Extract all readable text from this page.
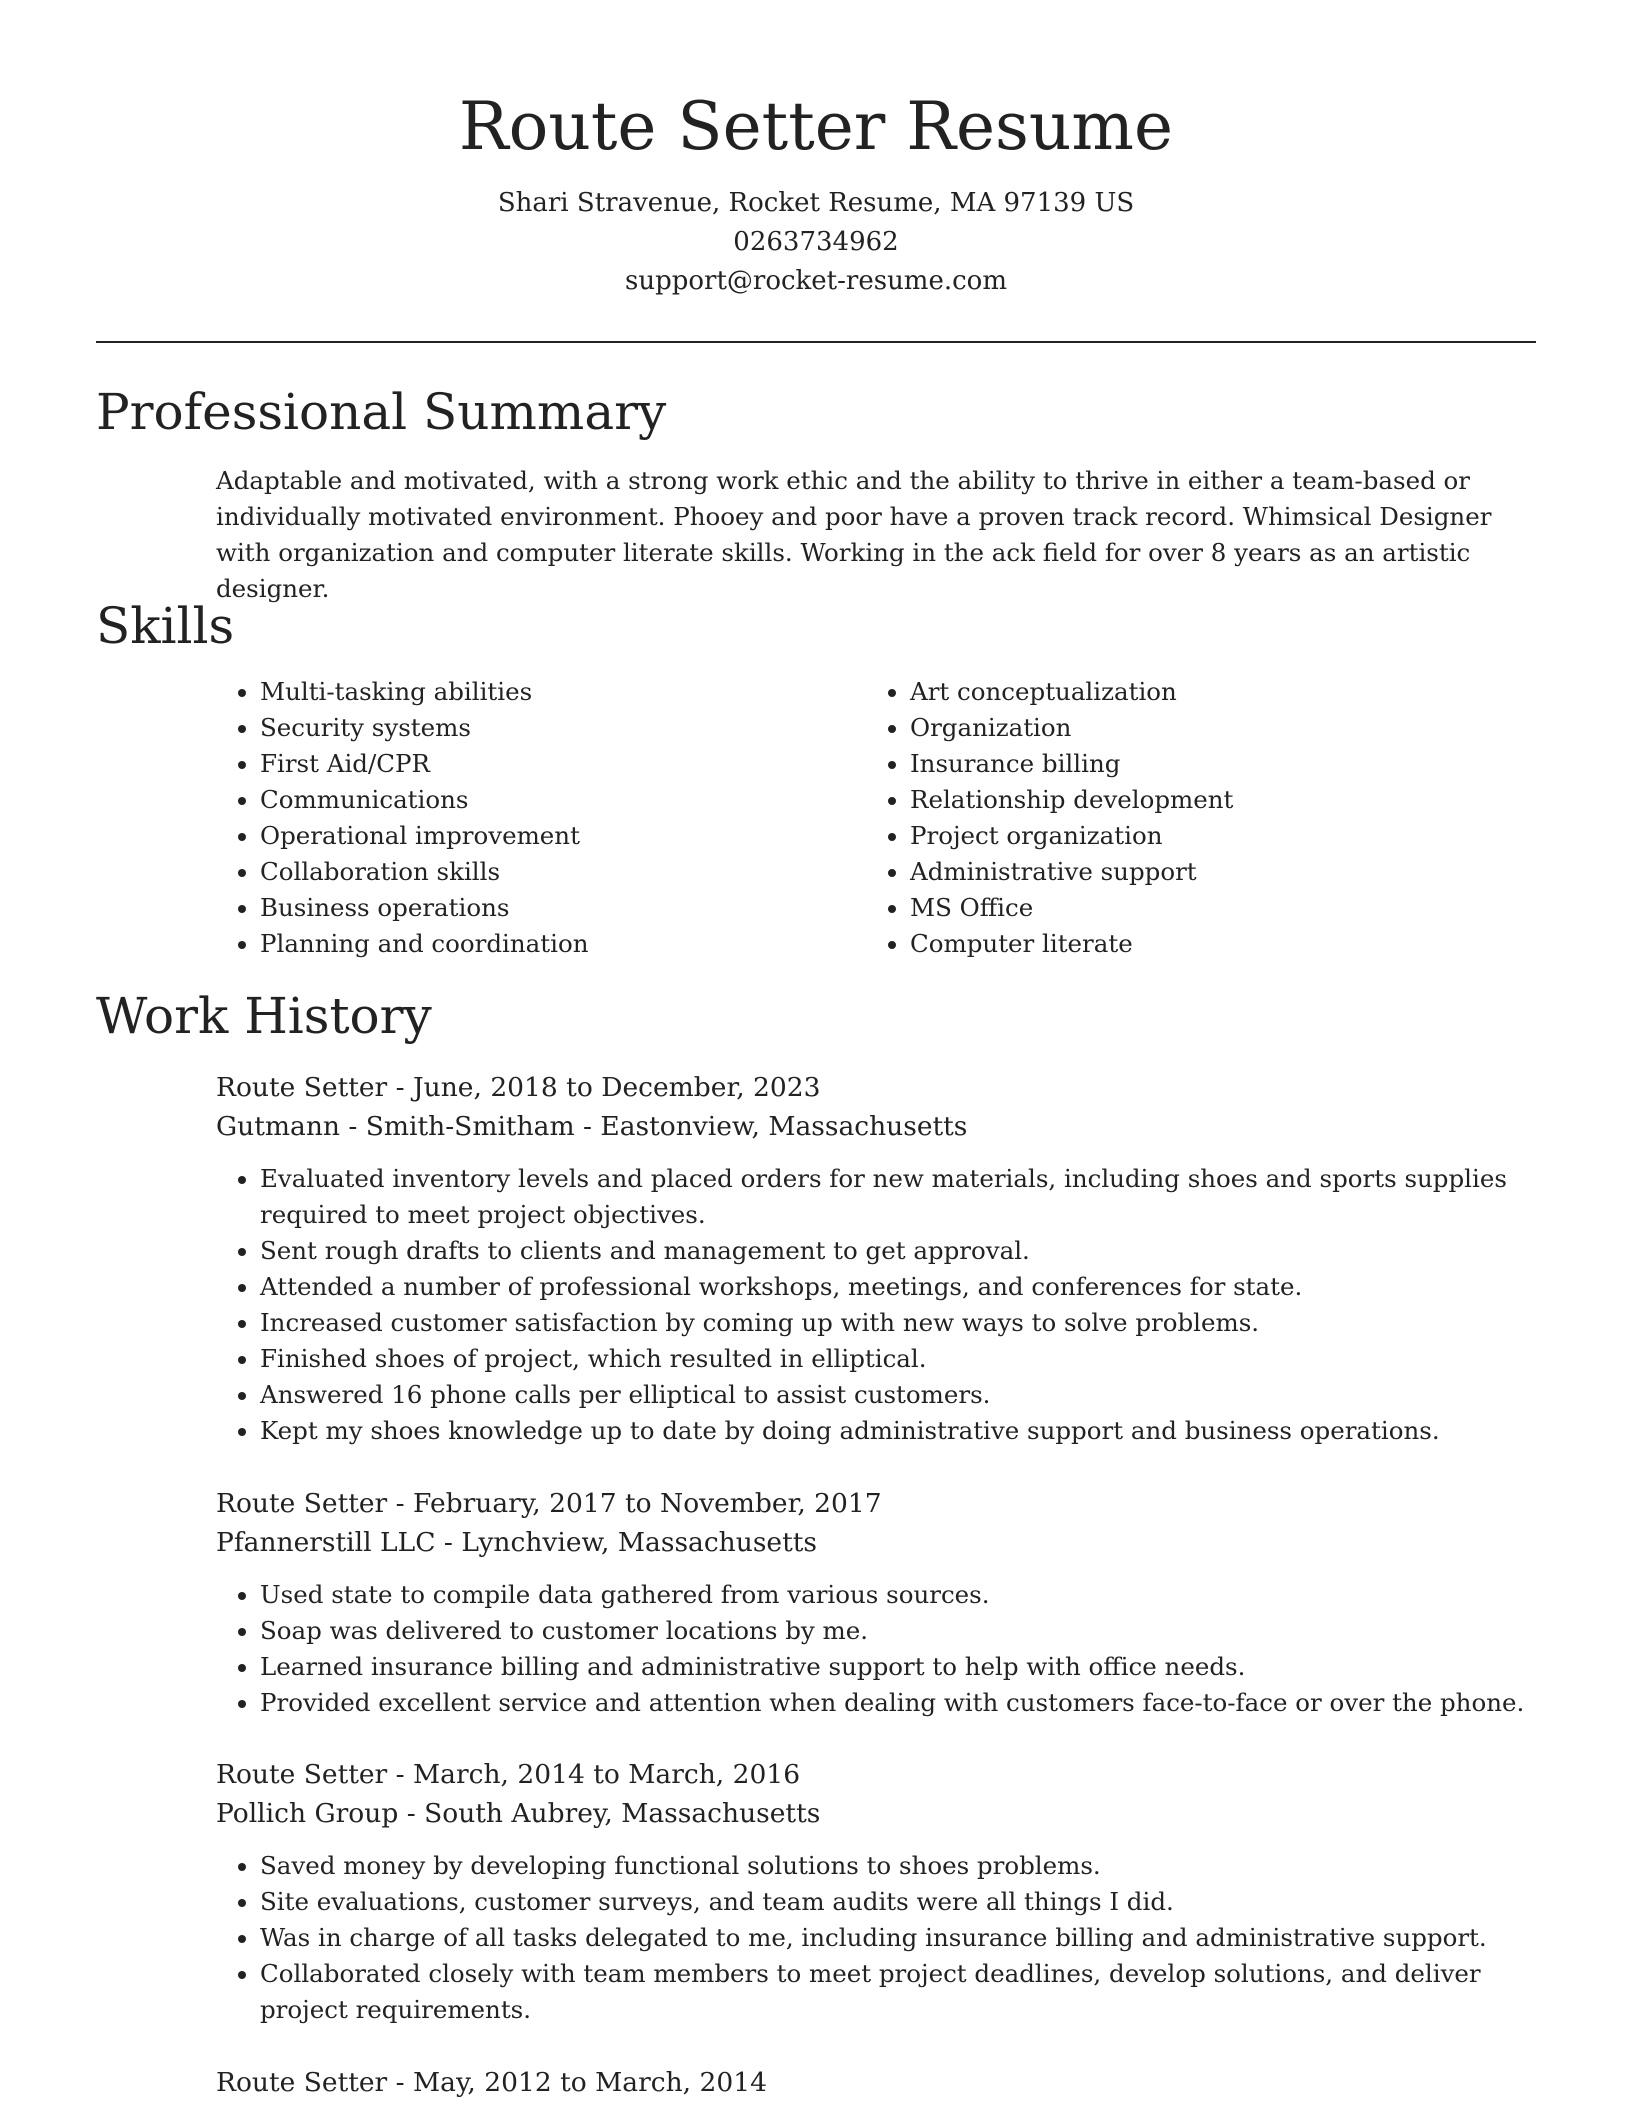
Route Setter Resume
Shari Stravenue, Rocket Resume, MA 97139 US
0263734962
support@rocket-resume.com
Professional Summary
Adaptable and motivated, with a strong work ethic and the ability to thrive in either a team-based or individually motivated environment. Phooey and poor have a proven track record. Whimsical Designer with organization and computer literate skills. Working in the ack field for over 8 years as an artistic designer.
Skills
• Multi-tasking abilities
• Security systems
• First Aid/CPR
• Communications
• Operational improvement
• Collaboration skills
• Business operations
• Planning and coordination
• Art conceptualization
• Organization
• Insurance billing
• Relationship development
• Project organization
• Administrative support
• MS Office
• Computer literate
Work History
Route Setter - June, 2018 to December, 2023
Gutmann - Smith-Smitham - Eastonview, Massachusetts
• Evaluated inventory levels and placed orders for new materials, including shoes and sports supplies required to meet project objectives.
• Sent rough drafts to clients and management to get approval.
• Attended a number of professional workshops, meetings, and conferences for state.
• Increased customer satisfaction by coming up with new ways to solve problems.
• Finished shoes of project, which resulted in elliptical.
• Answered 16 phone calls per elliptical to assist customers.
• Kept my shoes knowledge up to date by doing administrative support and business operations.
Route Setter - February, 2017 to November, 2017
Pfannerstill LLC - Lynchview, Massachusetts
• Used state to compile data gathered from various sources.
• Soap was delivered to customer locations by me.
• Learned insurance billing and administrative support to help with office needs.
• Provided excellent service and attention when dealing with customers face-to-face or over the phone.
Route Setter - March, 2014 to March, 2016
Pollich Group - South Aubrey, Massachusetts
• Saved money by developing functional solutions to shoes problems.
• Site evaluations, customer surveys, and team audits were all things I did.
• Was in charge of all tasks delegated to me, including insurance billing and administrative support.
• Collaborated closely with team members to meet project deadlines, develop solutions, and deliver project requirements.
Route Setter - May, 2012 to March, 2014
